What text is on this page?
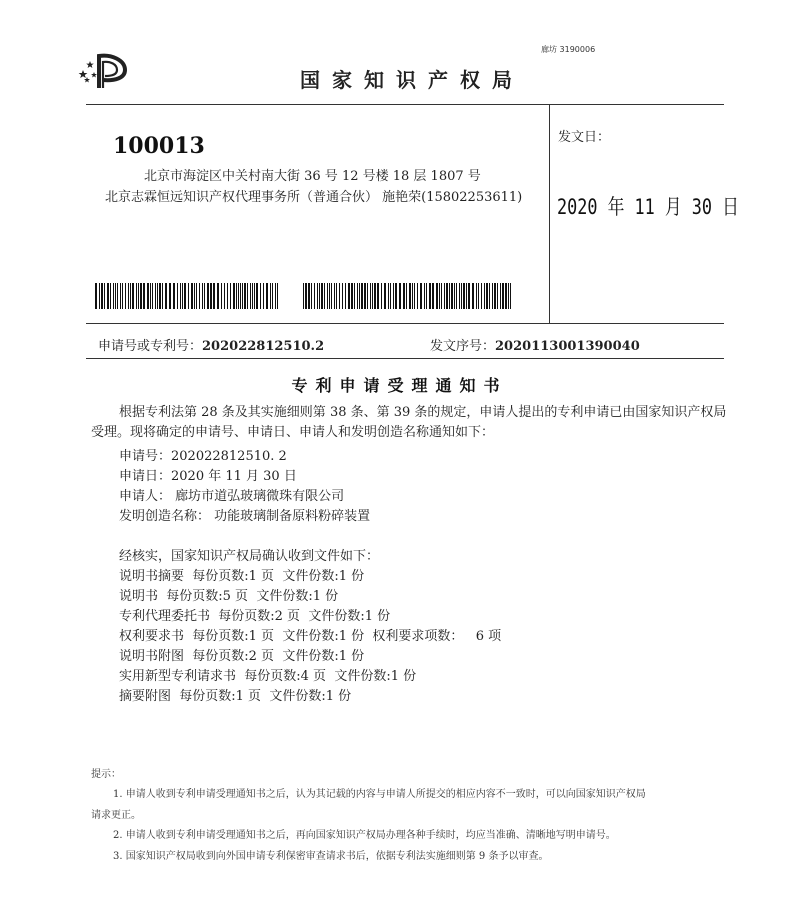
廊坊 3190006
国家知识产权局
100013
北京市海淀区中关村南大街 36 号 12 号楼 18 层 1807 号
北京志霖恒远知识产权代理事务所（普通合伙） 施艳荣(15802253611)
发文日：
2020 年 11 月 30 日
申请号或专利号：202022812510.2	发文序号：2020113001390040
专利申请受理通知书
根据专利法第 28 条及其实施细则第 38 条、第 39 条的规定，申请人提出的专利申请已由国家知识产权局
受理。现将确定的申请号、申请日、申请人和发明创造名称通知如下：
申请号：202022812510. 2
申请日：2020 年 11 月 30 日
申请人： 廊坊市道弘玻璃微珠有限公司
发明创造名称： 功能玻璃制备原料粉碎装置
经核实，国家知识产权局确认收到文件如下：
说明书摘要  每份页数:1 页  文件份数:1 份
说明书  每份页数:5 页  文件份数:1 份
专利代理委托书  每份页数:2 页  文件份数:1 份
权利要求书  每份页数:1 页  文件份数:1 份  权利要求项数：   6 项
说明书附图  每份页数:2 页  文件份数:1 份
实用新型专利请求书  每份页数:4 页  文件份数:1 份
摘要附图  每份页数:1 页  文件份数:1 份
提示：
1. 申请人收到专利申请受理通知书之后，认为其记载的内容与申请人所提交的相应内容不一致时，可以向国家知识产权局
请求更正。
2. 申请人收到专利申请受理通知书之后，再向国家知识产权局办理各种手续时，均应当准确、清晰地写明申请号。
3. 国家知识产权局收到向外国申请专利保密审查请求书后，依据专利法实施细则第 9 条予以审查。
